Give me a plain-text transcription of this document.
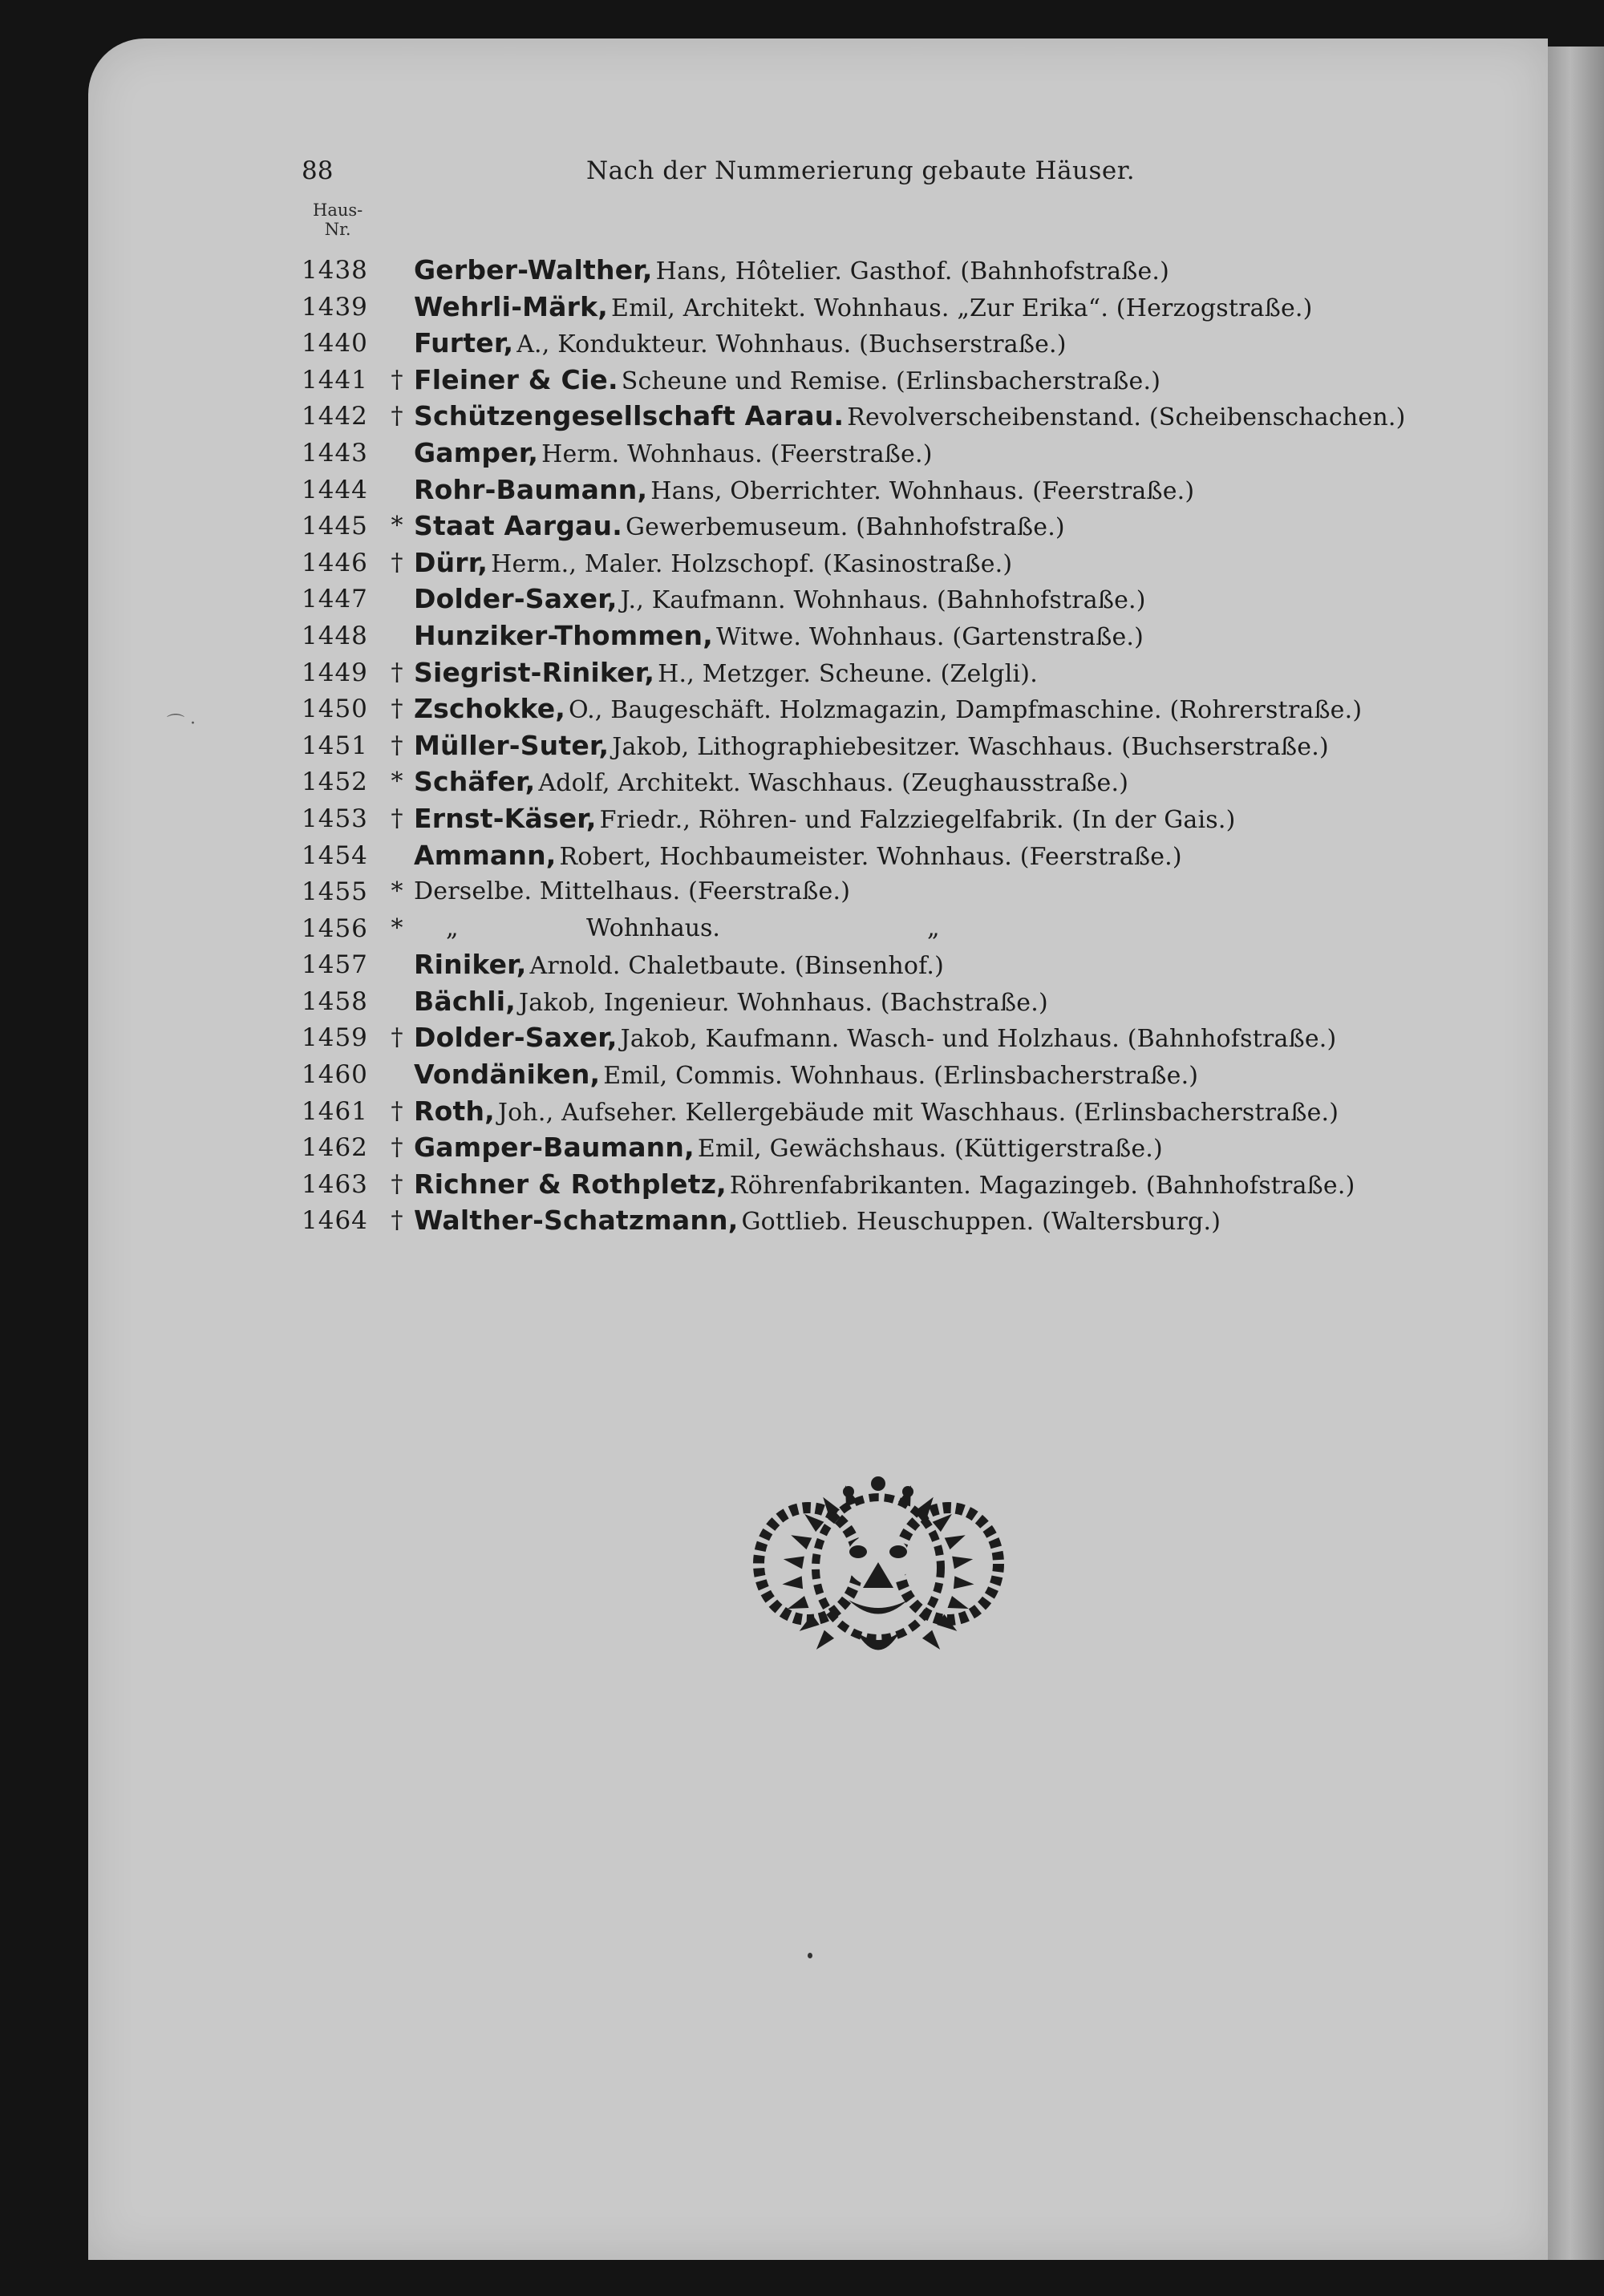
88	Nach der Nummerierung gebaute Häuser.
Haus-
Nr.
1438	Gerber-Walther, Hans, Hôtelier. Gasthof. (Bahnhofstraße.)
1439	Wehrli-Märk, Emil, Architekt. Wohnhaus. „Zur Erika“. (Herzogstraße.)
1440	Furter, A., Kondukteur. Wohnhaus. (Buchserstraße.)
1441 † Fleiner & Cie. Scheune und Remise. (Erlinsbacherstraße.)
1442 † Schützengesellschaft Aarau. Revolverscheibenstand. (Scheibenschachen.)
1443	Gamper, Herm. Wohnhaus. (Feerstraße.)
1444	Rohr-Baumann, Hans, Oberrichter. Wohnhaus. (Feerstraße.)
1445 * Staat Aargau. Gewerbemuseum. (Bahnhofstraße.)
1446 † Dürr, Herm., Maler. Holzschopf. (Kasinostraße.)
1447	Dolder-Saxer, J., Kaufmann. Wohnhaus. (Bahnhofstraße.)
1448	Hunziker-Thommen, Witwe. Wohnhaus. (Gartenstraße.)
1449 † Siegrist-Riniker, H., Metzger. Scheune. (Zelgli).
1450 † Zschokke, O., Baugeschäft. Holzmagazin, Dampfmaschine. (Rohrerstraße.)
1451 † Müller-Suter, Jakob, Lithographiebesitzer. Waschhaus. (Buchserstraße.)
1452 * Schäfer, Adolf, Architekt. Waschhaus. (Zeughausstraße.)
1453 † Ernst-Käser, Friedr., Röhren- und Falzziegelfabrik. (In der Gais.)
1454	Ammann, Robert, Hochbaumeister. Wohnhaus. (Feerstraße.)
1455 * Derselbe. Mittelhaus. (Feerstraße.)
1456 * „	Wohnhaus.	„
1457	Riniker, Arnold. Chaletbaute. (Binsenhof.)
1458	Bächli, Jakob, Ingenieur. Wohnhaus. (Bachstraße.)
1459 † Dolder-Saxer, Jakob, Kaufmann. Wasch- und Holzhaus. (Bahnhofstraße.)
1460	Vondäniken, Emil, Commis. Wohnhaus. (Erlinsbacherstraße.)
1461 † Roth, Joh., Aufseher. Kellergebäude mit Waschhaus. (Erlinsbacherstraße.)
1462 † Gamper-Baumann, Emil, Gewächshaus. (Küttigerstraße.)
1463 † Richner & Rothpletz, Röhrenfabrikanten. Magazingeb. (Bahnhofstraße.)
1464 † Walther-Schatzmann, Gottlieb. Heuschuppen. (Waltersburg.)
⌒ ·
